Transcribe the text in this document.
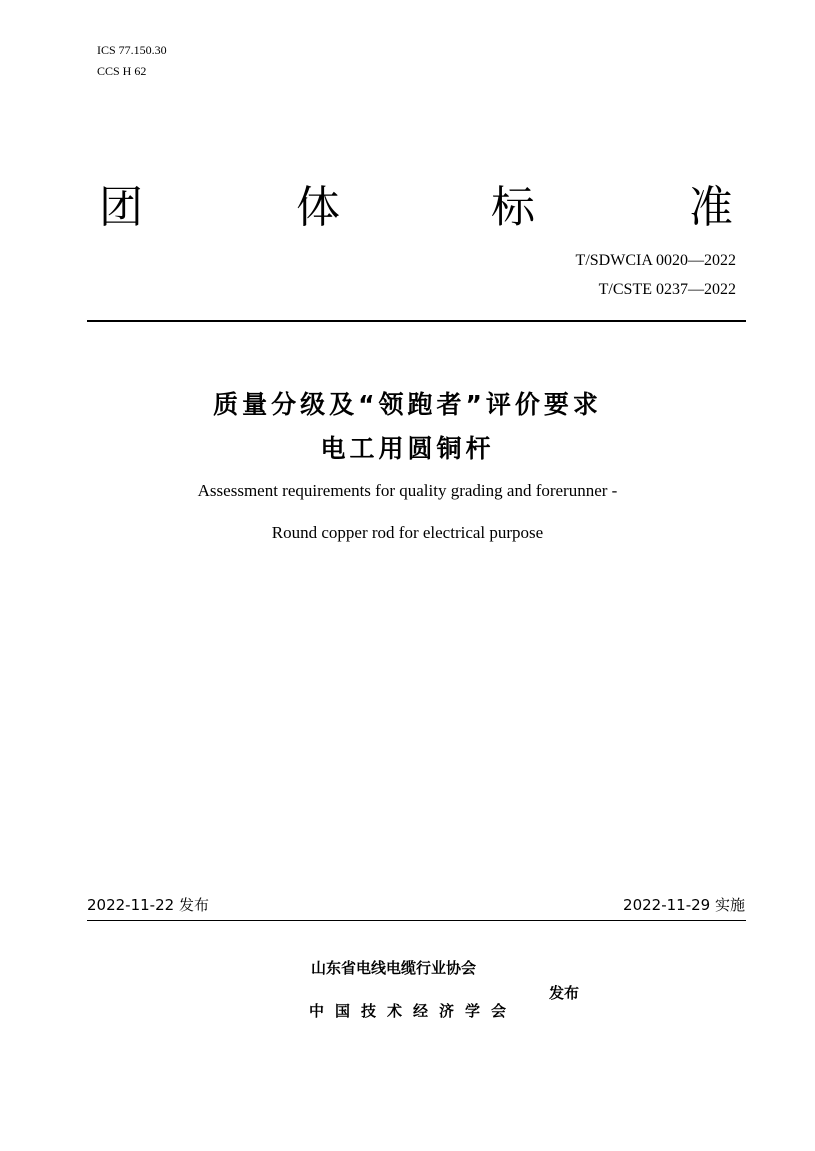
ICS 77.150.30
CCS H 62
团	体	标	准
T/SDWCIA 0020—2022
T/CSTE 0237—2022
质量分级及“领跑者”评价要求
电工用圆铜杆
Assessment requirements for quality grading and forerunner -
Round copper rod for electrical purpose
2022-11-22 发布	2022-11-29 实施
山东省电线电缆行业协会
中国技术经济学会
发布
